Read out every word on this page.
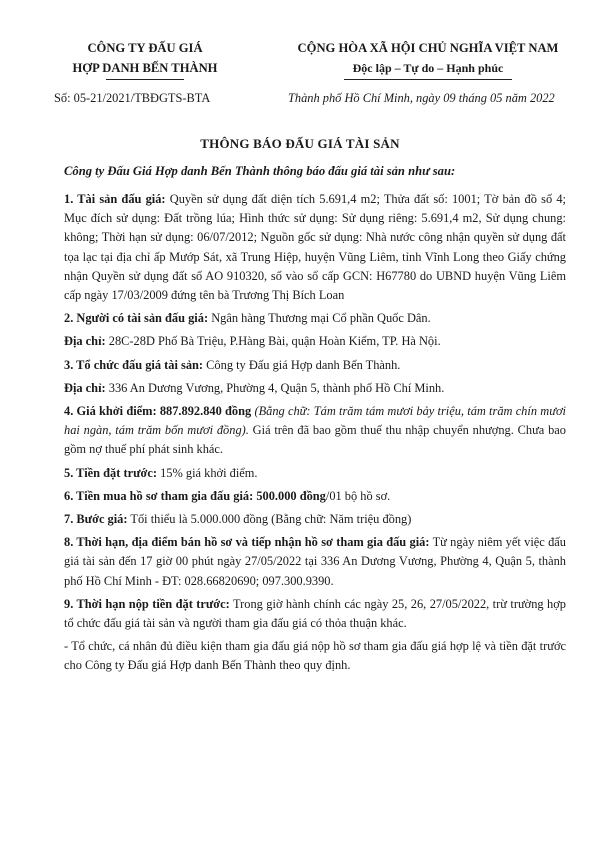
CÔNG TY ĐẤU GIÁ
HỢP DANH BẾN THÀNH
CỘNG HÒA XÃ HỘI CHỦ NGHĨA VIỆT NAM
Độc lập – Tự do – Hạnh phúc
Số: 05-21/2021/TBĐGTS-BTA	Thành phố Hồ Chí Minh, ngày 09 tháng 05 năm 2022
THÔNG BÁO ĐẤU GIÁ TÀI SẢN
Công ty Đấu Giá Hợp danh Bến Thành thông báo đấu giá tài sản như sau:

1. Tài sản đấu giá: Quyền sử dụng đất diện tích 5.691,4 m2; Thửa đất số: 1001; Tờ bản đồ số 4; Mục đích sử dụng: Đất trồng lúa; Hình thức sử dụng: Sử dụng riêng: 5.691,4 m2, Sử dụng chung: không; Thời hạn sử dụng: 06/07/2012; Nguồn gốc sử dụng: Nhà nước công nhận quyền sử dụng đất tọa lạc tại địa chỉ ấp Mướp Sát, xã Trung Hiệp, huyện Vũng Liêm, tỉnh Vĩnh Long theo Giấy chứng nhận Quyền sử dụng đất số AO 910320, số vào sổ cấp GCN: H67780 do UBND huyện Vũng Liêm cấp ngày 17/03/2009 đứng tên bà Trương Thị Bích Loan

2. Người có tài sản đấu giá: Ngân hàng Thương mại Cổ phần Quốc Dân.

Địa chỉ: 28C-28D Phố Bà Triệu, P.Hàng Bài, quận Hoàn Kiếm, TP. Hà Nội.

3. Tổ chức đấu giá tài sản: Công ty Đấu giá Hợp danh Bến Thành.

Địa chỉ: 336 An Dương Vương, Phường 4, Quận 5, thành phố Hồ Chí Minh.

4. Giá khởi điểm: 887.892.840 đồng (Bằng chữ: Tám trăm tám mươi bảy triệu, tám trăm chín mươi hai ngàn, tám trăm bốn mươi đồng). Giá trên đã bao gồm thuế thu nhập chuyển nhượng. Chưa bao gồm nợ thuế phí phát sinh khác.

5. Tiền đặt trước: 15% giá khởi điểm.

6. Tiền mua hồ sơ tham gia đấu giá: 500.000 đồng/01 bộ hồ sơ.

7. Bước giá: Tối thiểu là 5.000.000 đồng (Bằng chữ: Năm triệu đồng)

8. Thời hạn, địa điểm bán hồ sơ và tiếp nhận hồ sơ tham gia đấu giá: Từ ngày niêm yết việc đấu giá tài sản đến 17 giờ 00 phút ngày 27/05/2022 tại 336 An Dương Vương, Phường 4, Quận 5, thành phố Hồ Chí Minh - ĐT: 028.66820690; 097.300.9390.

9. Thời hạn nộp tiền đặt trước: Trong giờ hành chính các ngày 25, 26, 27/05/2022, trừ trường hợp tổ chức đấu giá tài sản và người tham gia đấu giá có thỏa thuận khác.

- Tổ chức, cá nhân đủ điều kiện tham gia đấu giá nộp hồ sơ tham gia đấu giá hợp lệ và tiền đặt trước cho Công ty Đấu giá Hợp danh Bến Thành theo quy định.
